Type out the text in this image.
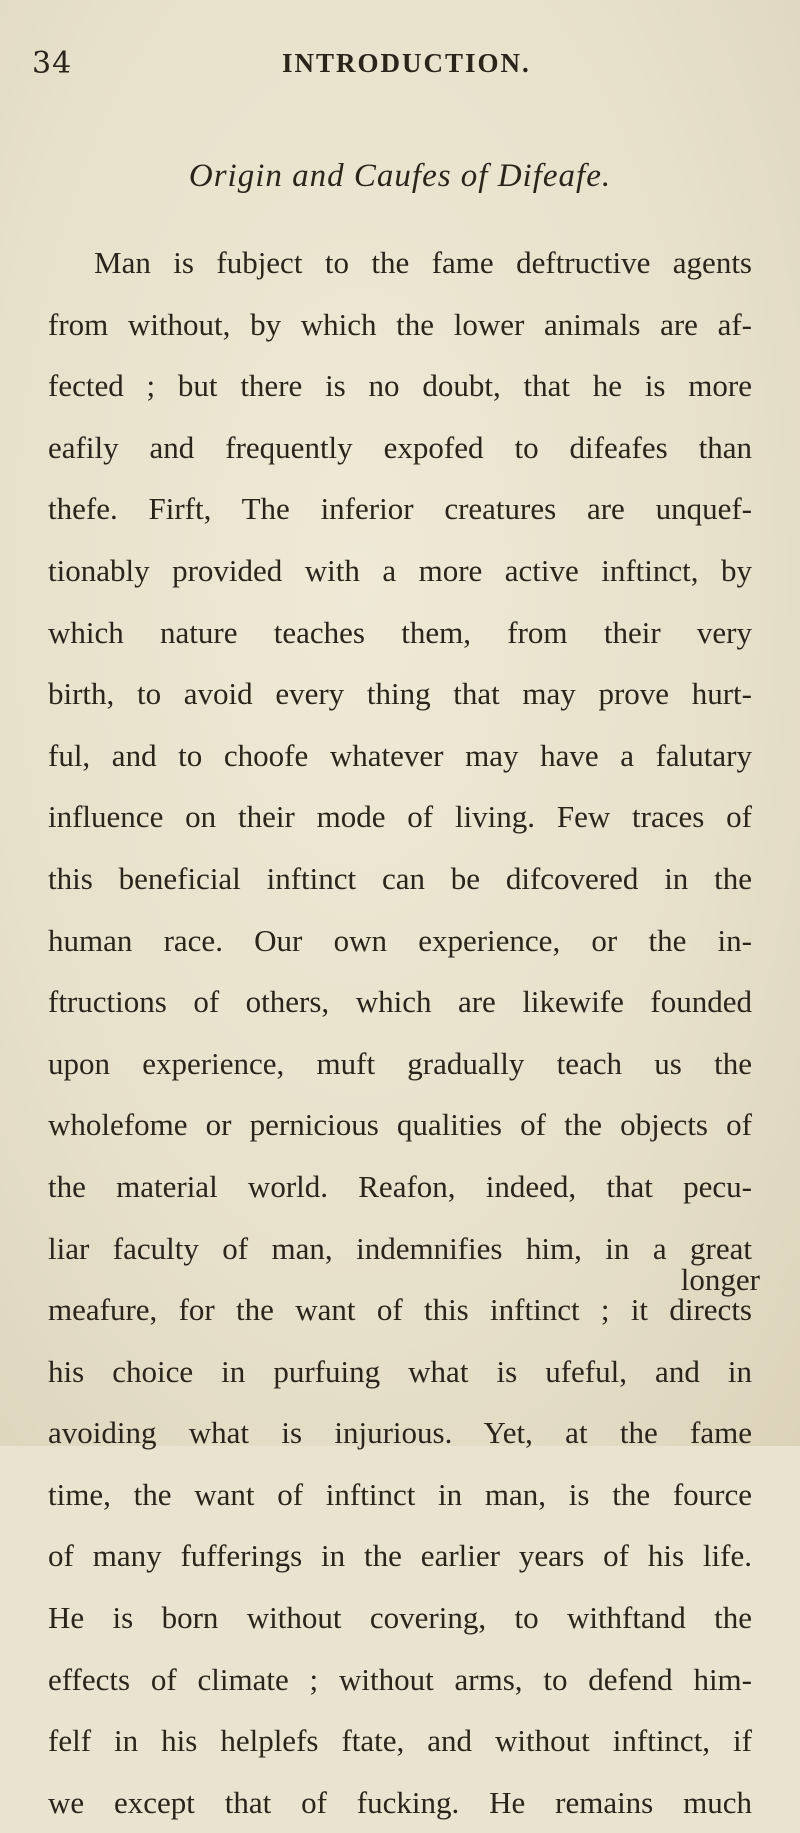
34	INTRODUCTION.
Origin and Caufes of Difeafe.
Man is fubject to the fame deftructive agents
from without, by which the lower animals are af-
fected ; but there is no doubt, that he is more
eafily and frequently expofed to difeafes than
thefe. Firft, The inferior creatures are unquef-
tionably provided with a more active inftinct, by
which nature teaches them, from their very
birth, to avoid every thing that may prove hurt-
ful, and to choofe whatever may have a falutary
influence on their mode of living. Few traces of
this beneficial inftinct can be difcovered in the
human race. Our own experience, or the in-
ftructions of others, which are likewife founded
upon experience, muft gradually teach us the
wholefome or pernicious qualities of the objects of
the material world. Reafon, indeed, that pecu-
liar faculty of man, indemnifies him, in a great
meafure, for the want of this inftinct ; it directs
his choice in purfuing what is ufeful, and in
avoiding what is injurious. Yet, at the fame
time, the want of inftinct in man, is the fource
of many fufferings in the earlier years of his life.
He is born without covering, to withftand the
effects of climate ; without arms, to defend him-
felf in his helplefs ftate, and without inftinct, if
we except that of fucking. He remains much
longer
